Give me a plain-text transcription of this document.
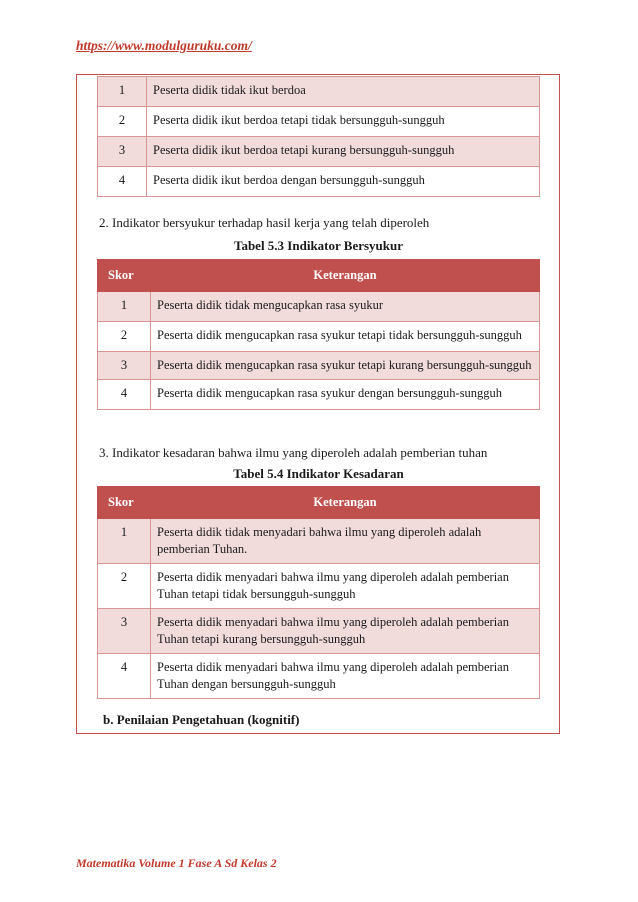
https://www.modulguruku.com/
1	Peserta didik tidak ikut berdoa
2	Peserta didik ikut berdoa tetapi tidak bersungguh-sungguh
3	Peserta didik ikut berdoa tetapi kurang bersungguh-sungguh
4	Peserta didik ikut berdoa dengan bersungguh-sungguh
2. Indikator bersyukur terhadap hasil kerja yang telah diperoleh
Tabel 5.3 Indikator Bersyukur
Skor	Keterangan
1	Peserta didik tidak mengucapkan rasa syukur
2	Peserta didik mengucapkan rasa syukur tetapi tidak bersungguh-sungguh
3	Peserta didik mengucapkan rasa syukur tetapi kurang bersungguh-sungguh
4	Peserta didik mengucapkan rasa syukur dengan bersungguh-sungguh
3. Indikator kesadaran bahwa ilmu yang diperoleh adalah pemberian tuhan
Tabel 5.4 Indikator Kesadaran
Skor	Keterangan
1	Peserta didik tidak menyadari bahwa ilmu yang diperoleh adalah pemberian Tuhan.
2	Peserta didik menyadari bahwa ilmu yang diperoleh adalah pemberian Tuhan tetapi tidak bersungguh-sungguh
3	Peserta didik menyadari bahwa ilmu yang diperoleh adalah pemberian Tuhan tetapi kurang bersungguh-sungguh
4	Peserta didik menyadari bahwa ilmu yang diperoleh adalah pemberian Tuhan dengan bersungguh-sungguh
b. Penilaian Pengetahuan (kognitif)
Matematika Volume 1 Fase A Sd Kelas 2
